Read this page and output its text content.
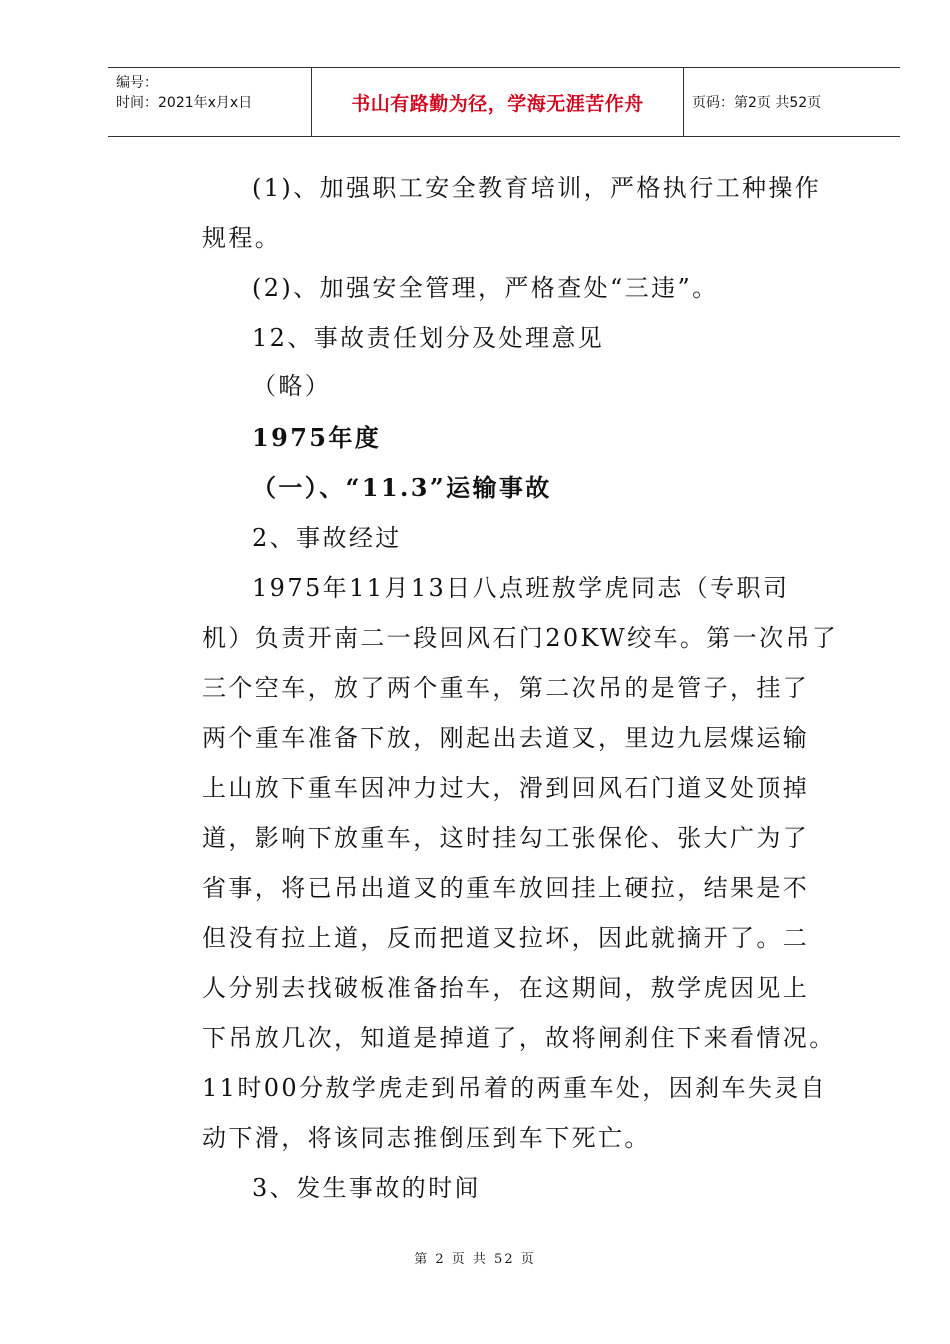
编号：
时间：2021年x月x日	书山有路勤为径，学海无涯苦作舟	页码：第2页 共52页

(1)、加强职工安全教育培训，严格执行工种操作

规程。

(2)、加强安全管理，严格查处“三违”。

12、事故责任划分及处理意见

（略）

1975年度

（一）、“11.3”运输事故

2、事故经过

1975年11月13日八点班敖学虎同志（专职司

机）负责开南二一段回风石门20KW绞车。第一次吊了

三个空车，放了两个重车，第二次吊的是管子，挂了

两个重车准备下放，刚起出去道叉，里边九层煤运输

上山放下重车因冲力过大，滑到回风石门道叉处顶掉

道，影响下放重车，这时挂勾工张保伦、张大广为了

省事，将已吊出道叉的重车放回挂上硬拉，结果是不

但没有拉上道，反而把道叉拉坏，因此就摘开了。二

人分别去找破板准备抬车，在这期间，敖学虎因见上

下吊放几次，知道是掉道了，故将闸刹住下来看情况。

11时00分敖学虎走到吊着的两重车处，因刹车失灵自

动下滑，将该同志推倒压到车下死亡。

3、发生事故的时间

第 2 页 共 52 页
